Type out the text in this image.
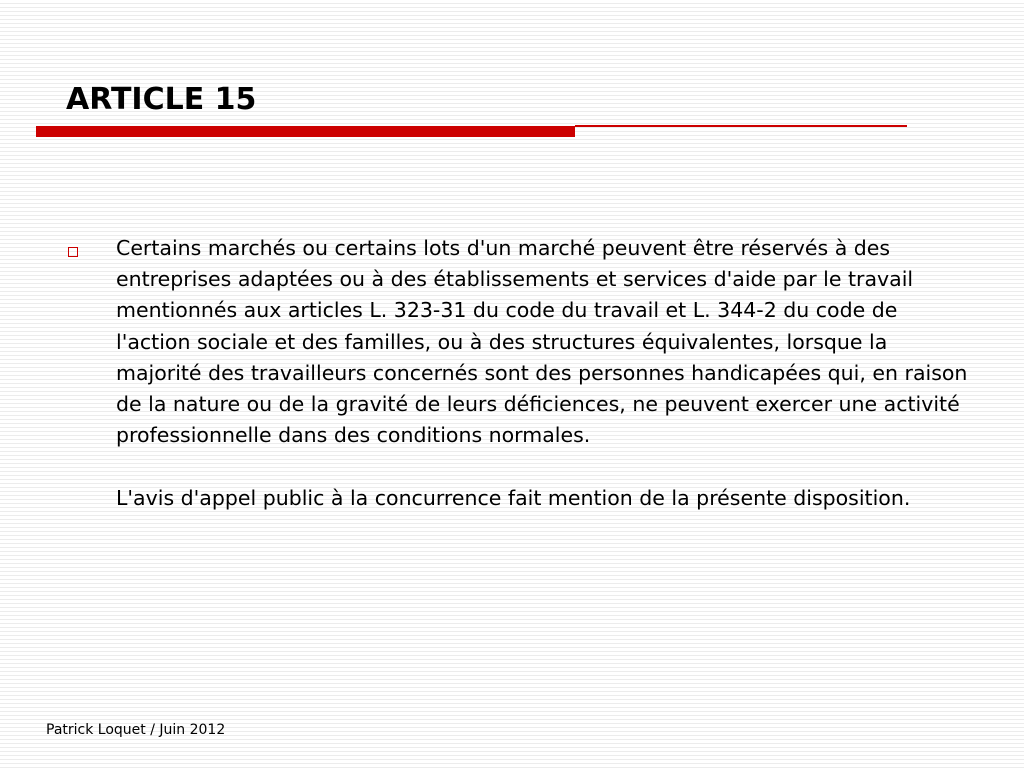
ARTICLE 15

Certains marchés ou certains lots d'un marché peuvent être réservés à des entreprises adaptées ou à des établissements et services d'aide par le travail mentionnés aux articles L. 323-31 du code du travail et L. 344-2 du code de l'action sociale et des familles, ou à des structures équivalentes, lorsque la majorité des travailleurs concernés sont des personnes handicapées qui, en raison de la nature ou de la gravité de leurs déficiences, ne peuvent exercer une activité professionnelle dans des conditions normales.

L'avis d'appel public à la concurrence fait mention de la présente disposition.

Patrick Loquet / Juin 2012
